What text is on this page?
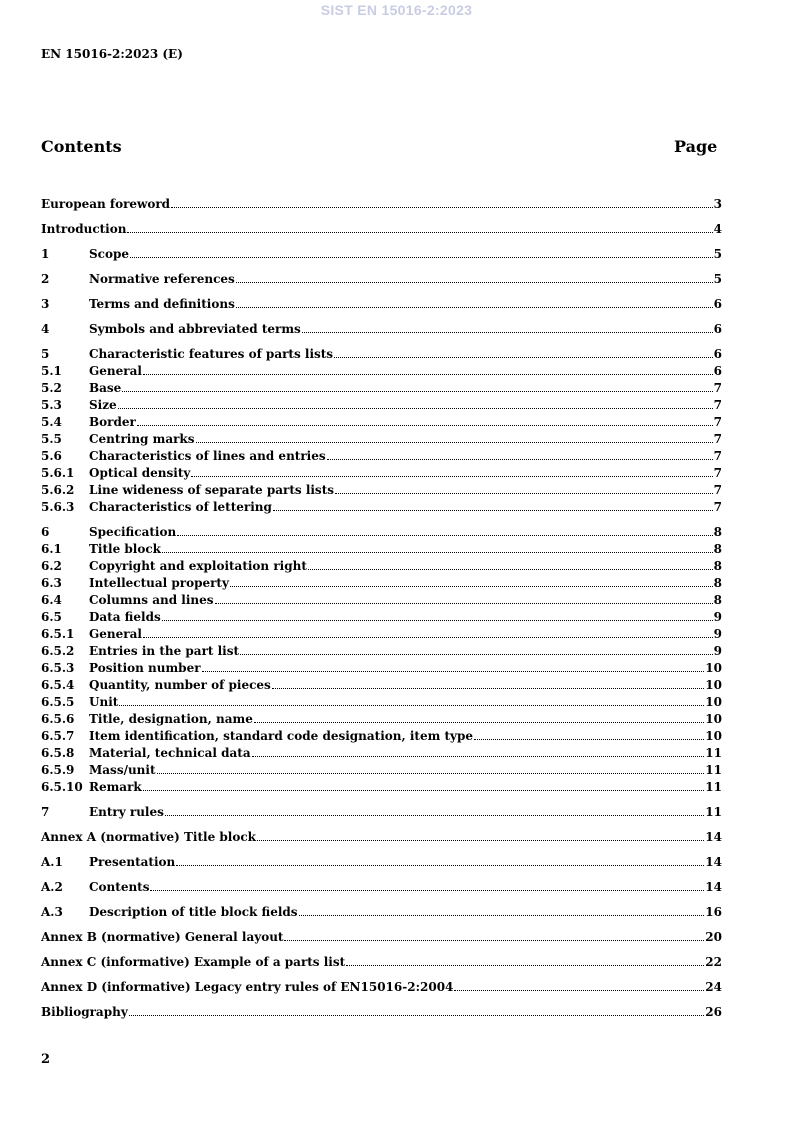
SIST EN 15016-2:2023
EN 15016-2:2023 (E)
Contents	Page
European foreword	3
Introduction	4
1	Scope	5
2	Normative references	5
3	Terms and definitions	6
4	Symbols and abbreviated terms	6
5	Characteristic features of parts lists	6
5.1	General	6
5.2	Base	7
5.3	Size	7
5.4	Border	7
5.5	Centring marks	7
5.6	Characteristics of lines and entries	7
5.6.1	Optical density	7
5.6.2	Line wideness of separate parts lists	7
5.6.3	Characteristics of lettering	7
6	Specification	8
6.1	Title block	8
6.2	Copyright and exploitation right	8
6.3	Intellectual property	8
6.4	Columns and lines	8
6.5	Data fields	9
6.5.1	General	9
6.5.2	Entries in the part list	9
6.5.3	Position number	10
6.5.4	Quantity, number of pieces	10
6.5.5	Unit	10
6.5.6	Title, designation, name	10
6.5.7	Item identification, standard code designation, item type	10
6.5.8	Material, technical data	11
6.5.9	Mass/unit	11
6.5.10 Remark	11
7	Entry rules	11
Annex A (normative) Title block	14
A.1	Presentation	14
A.2	Contents	14
A.3	Description of title block fields	16
Annex B (normative) General layout	20
Annex C (informative) Example of a parts list	22
Annex D (informative) Legacy entry rules of EN15016-2:2004	24
Bibliography	26
2
